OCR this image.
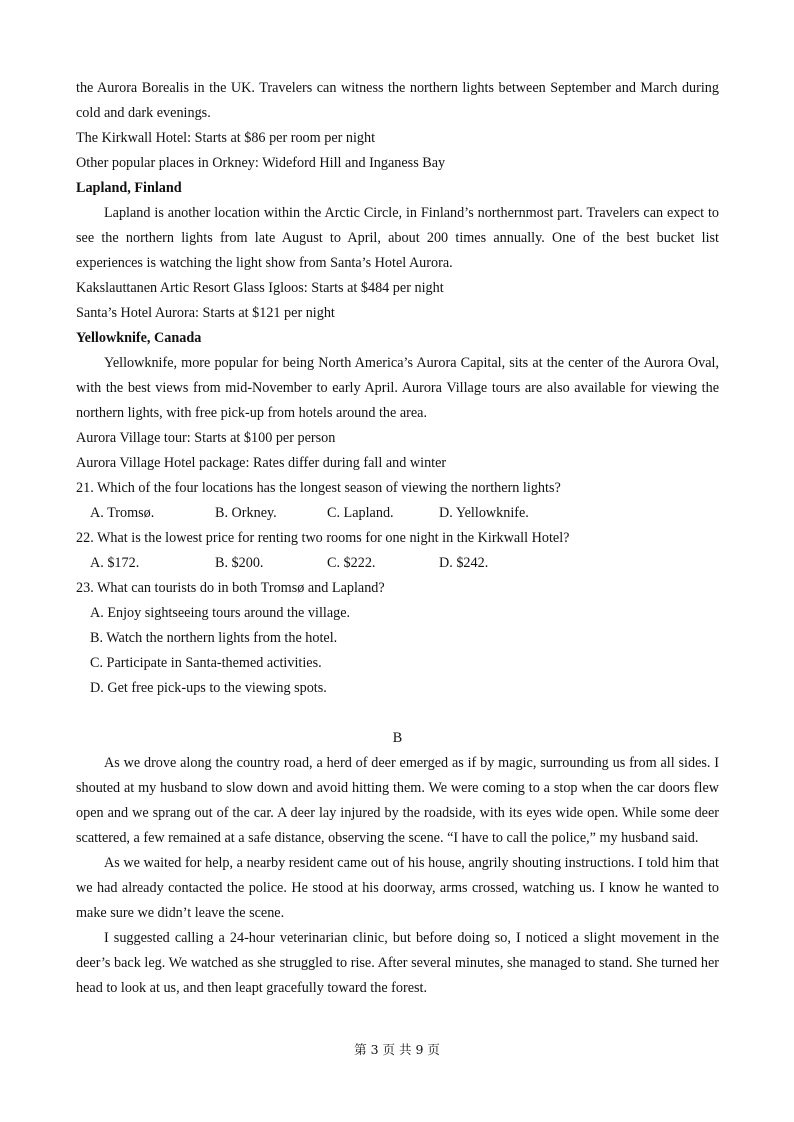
the Aurora Borealis in the UK. Travelers can witness the northern lights between September and March during cold and dark evenings.
The Kirkwall Hotel: Starts at $86 per room per night
Other popular places in Orkney: Wideford Hill and Inganess Bay
Lapland, Finland
Lapland is another location within the Arctic Circle, in Finland’s northernmost part. Travelers can expect to see the northern lights from late August to April, about 200 times annually. One of the best bucket list experiences is watching the light show from Santa’s Hotel Aurora.
Kakslauttanen Artic Resort Glass Igloos: Starts at $484 per night
Santa’s Hotel Aurora: Starts at $121 per night
Yellowknife, Canada
Yellowknife, more popular for being North America’s Aurora Capital, sits at the center of the Aurora Oval, with the best views from mid-November to early April. Aurora Village tours are also available for viewing the northern lights, with free pick-up from hotels around the area.
Aurora Village tour: Starts at $100 per person
Aurora Village Hotel package: Rates differ during fall and winter
21. Which of the four locations has the longest season of viewing the northern lights?
A. Tromsø.	B. Orkney.	C. Lapland.	D. Yellowknife.
22. What is the lowest price for renting two rooms for one night in the Kirkwall Hotel?
A. $172.	B. $200.	C. $222.	D. $242.
23. What can tourists do in both Tromsø and Lapland?
A. Enjoy sightseeing tours around the village.
B. Watch the northern lights from the hotel.
C. Participate in Santa-themed activities.
D. Get free pick-ups to the viewing spots.
B
As we drove along the country road, a herd of deer emerged as if by magic, surrounding us from all sides. I shouted at my husband to slow down and avoid hitting them. We were coming to a stop when the car doors flew open and we sprang out of the car. A deer lay injured by the roadside, with its eyes wide open. While some deer scattered, a few remained at a safe distance, observing the scene. “I have to call the police,” my husband said.
As we waited for help, a nearby resident came out of his house, angrily shouting instructions. I told him that we had already contacted the police. He stood at his doorway, arms crossed, watching us. I know he wanted to make sure we didn’t leave the scene.
I suggested calling a 24-hour veterinarian clinic, but before doing so, I noticed a slight movement in the deer’s back leg. We watched as she struggled to rise. After several minutes, she managed to stand. She turned her head to look at us, and then leapt gracefully toward the forest.
第 3 页 共 9 页
